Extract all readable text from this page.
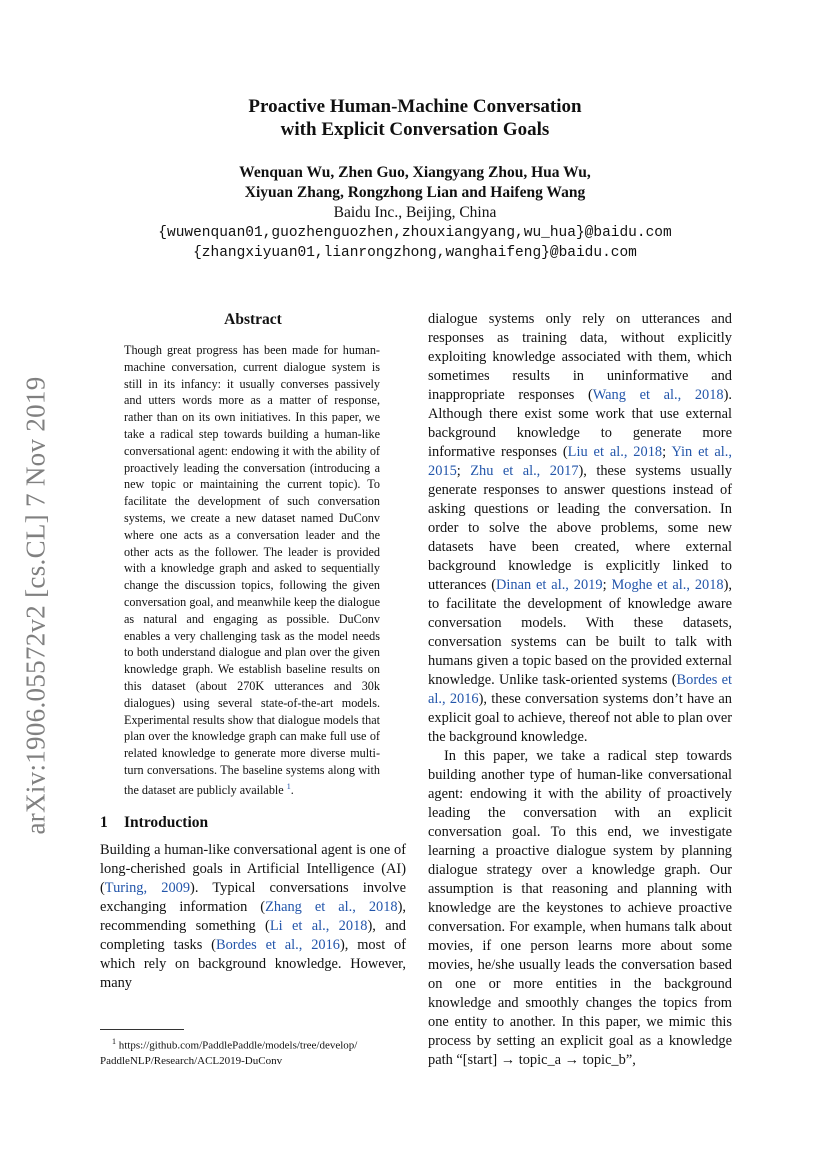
arXiv:1906.05572v2 [cs.CL] 7 Nov 2019
Proactive Human-Machine Conversation
with Explicit Conversation Goals
Wenquan Wu, Zhen Guo, Xiangyang Zhou, Hua Wu,
Xiyuan Zhang, Rongzhong Lian and Haifeng Wang
Baidu Inc., Beijing, China
{wuwenquan01,guozhenguozhen,zhouxiangyang,wu_hua}@baidu.com
{zhangxiyuan01,lianrongzhong,wanghaifeng}@baidu.com
Abstract

Though great progress has been made for human-machine conversation, current dialogue system is still in its infancy: it usually converses passively and utters words more as a matter of response, rather than on its own initiatives. In this paper, we take a radical step towards building a human-like conversational agent: endowing it with the ability of proactively leading the conversation (introducing a new topic or maintaining the current topic). To facilitate the development of such conversation systems, we create a new dataset named DuConv where one acts as a conversation leader and the other acts as the follower. The leader is provided with a knowledge graph and asked to sequentially change the discussion topics, following the given conversation goal, and meanwhile keep the dialogue as natural and engaging as possible. DuConv enables a very challenging task as the model needs to both understand dialogue and plan over the given knowledge graph. We establish baseline results on this dataset (about 270K utterances and 30k dialogues) using several state-of-the-art models. Experimental results show that dialogue models that plan over the knowledge graph can make full use of related knowledge to generate more diverse multi-turn conversations. The baseline systems along with the dataset are publicly available $^1$.

1 Introduction

Building a human-like conversational agent is one of long-cherished goals in Artificial Intelligence (AI) (Turing, 2009). Typical conversations involve exchanging information (Zhang et al., 2018), recommending something (Li et al., 2018), and completing tasks (Bordes et al., 2016), most of which rely on background knowledge. However, many

$^1$ https://github.com/PaddlePaddle/models/tree/develop/
PaddleNLP/Research/ACL2019-DuConv

dialogue systems only rely on utterances and responses as training data, without explicitly exploiting knowledge associated with them, which sometimes results in uninformative and inappropriate responses (Wang et al., 2018). Although there exist some work that use external background knowledge to generate more informative responses (Liu et al., 2018; Yin et al., 2015; Zhu et al., 2017), these systems usually generate responses to answer questions instead of asking questions or leading the conversation. In order to solve the above problems, some new datasets have been created, where external background knowledge is explicitly linked to utterances (Dinan et al., 2019; Moghe et al., 2018), to facilitate the development of knowledge aware conversation models. With these datasets, conversation systems can be built to talk with humans given a topic based on the provided external knowledge. Unlike task-oriented systems (Bordes et al., 2016), these conversation systems don’t have an explicit goal to achieve, thereof not able to plan over the background knowledge.

In this paper, we take a radical step towards building another type of human-like conversational agent: endowing it with the ability of proactively leading the conversation with an explicit conversation goal. To this end, we investigate learning a proactive dialogue system by planning dialogue strategy over a knowledge graph. Our assumption is that reasoning and planning with knowledge are the keystones to achieve proactive conversation. For example, when humans talk about movies, if one person learns more about some movies, he/she usually leads the conversation based on one or more entities in the background knowledge and smoothly changes the topics from one entity to another. In this paper, we mimic this process by setting an explicit goal as a knowledge path “[start] → topic_a → topic_b”,
